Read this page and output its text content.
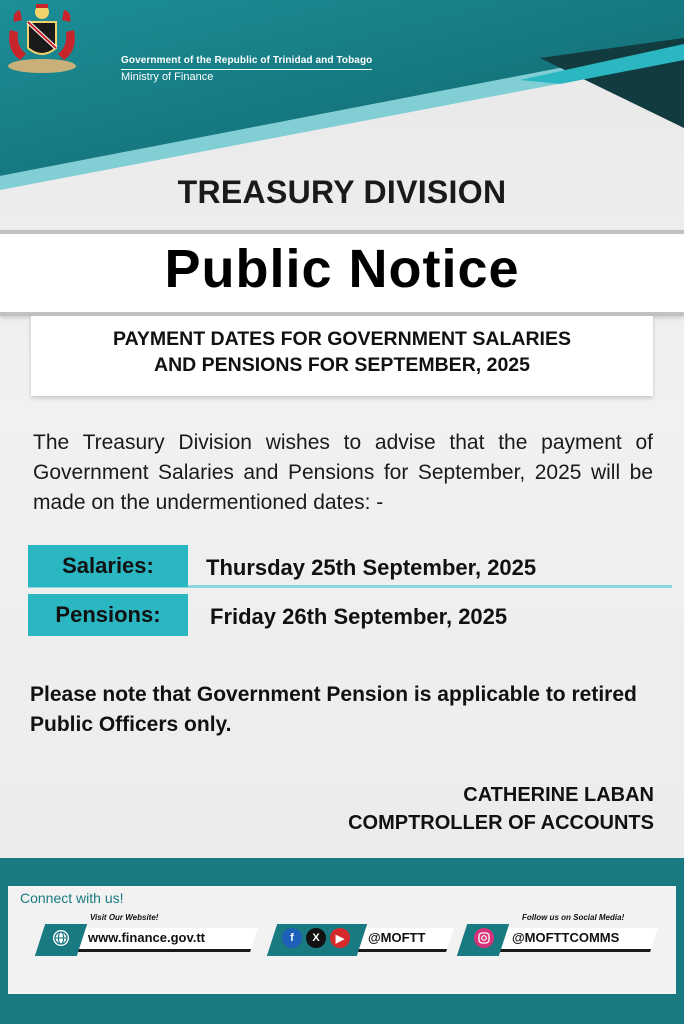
Government of the Republic of Trinidad and Tobago
Ministry of Finance
TREASURY DIVISION
Public Notice
PAYMENT DATES FOR GOVERNMENT SALARIES
AND PENSIONS FOR SEPTEMBER, 2025
The Treasury Division wishes to advise that the payment of Government Salaries and Pensions for September, 2025 will be made on the undermentioned dates: -
Salaries:	Thursday 25th September, 2025
Pensions:	Friday 26th September, 2025
Please note that Government Pension is applicable to retired Public Officers only.
CATHERINE LABAN
COMPTROLLER OF ACCOUNTS
Connect with us!
Visit Our Website!
www.finance.gov.tt	f	X	▶	@MOFTT
Follow us on Social Media!
@MOFTTCOMMS
